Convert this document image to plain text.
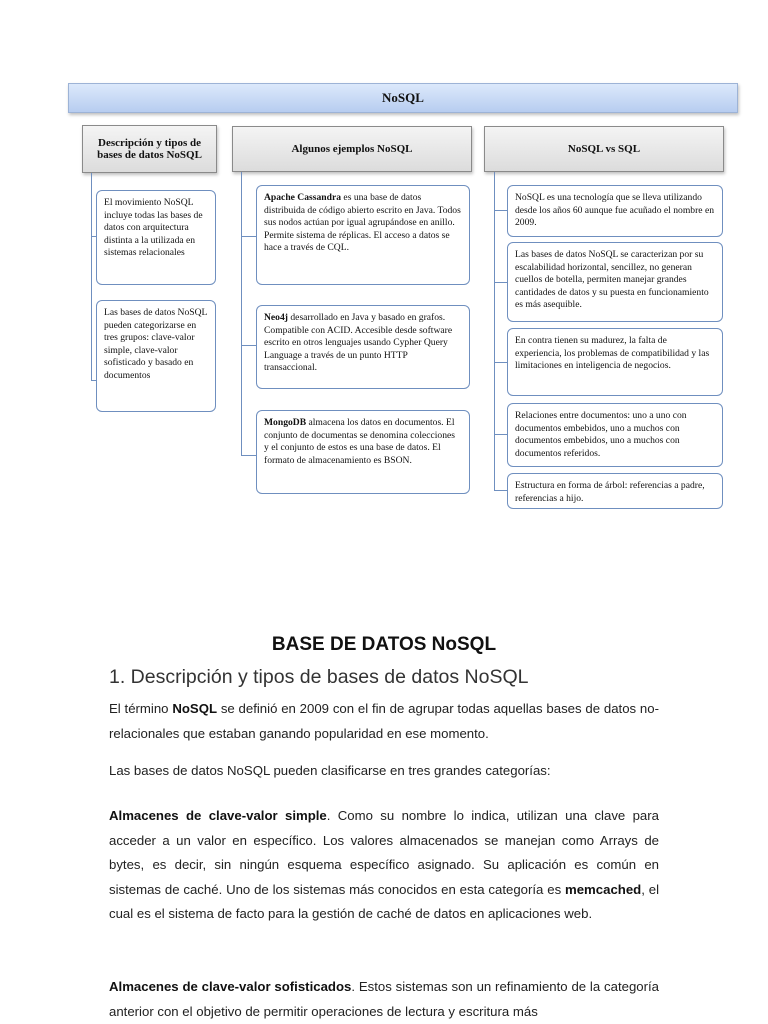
NoSQL
Descripción y tipos de bases de datos NoSQL
El movimiento NoSQL incluye todas las bases de datos con arquitectura distinta a la utilizada en sistemas relacionales
Las bases de datos NoSQL pueden categorizarse en tres grupos: clave-valor simple, clave-valor sofisticado y basado en documentos
Algunos ejemplos NoSQL
Apache Cassandra es una base de datos distribuida de código abierto escrito en Java. Todos sus nodos actúan por igual agrupándose en anillo. Permite sistema de réplicas. El acceso a datos se hace a través de CQL.
Neo4j desarrollado en Java y basado en grafos. Compatible con ACID. Accesible desde software escrito en otros lenguajes usando Cypher Query Language a través de un punto HTTP transaccional.
MongoDB almacena los datos en documentos. El conjunto de documentas se denomina colecciones y el conjunto de estos es una base de datos. El formato de almacenamiento es BSON.
NoSQL vs SQL
NoSQL es una tecnología que se lleva utilizando desde los años 60 aunque fue acuñado el nombre en 2009.
Las bases de datos NoSQL se caracterizan por su escalabilidad horizontal, sencillez, no generan cuellos de botella, permiten manejar grandes cantidades de datos y su puesta en funcionamiento es más asequible.
En contra tienen su madurez, la falta de experiencia, los problemas de compatibilidad y las limitaciones en inteligencia de negocios.
Relaciones entre documentos: uno a uno con documentos embebidos, uno a muchos con documentos embebidos, uno a muchos con documentos referidos.
Estructura en forma de árbol: referencias a padre, referencias a hijo.
BASE DE DATOS NoSQL
1. Descripción y tipos de bases de datos NoSQL
El término NoSQL se definió en 2009 con el fin de agrupar todas aquellas bases de datos no-relacionales que estaban ganando popularidad en ese momento.
Las bases de datos NoSQL pueden clasificarse en tres grandes categorías:
Almacenes de clave-valor simple. Como su nombre lo indica, utilizan una clave para acceder a un valor en específico. Los valores almacenados se manejan como Arrays de bytes, es decir, sin ningún esquema específico asignado. Su aplicación es común en sistemas de caché. Uno de los sistemas más conocidos en esta categoría es memcached, el cual es el sistema de facto para la gestión de caché de datos en aplicaciones web.
Almacenes de clave-valor sofisticados. Estos sistemas son un refinamiento de la categoría anterior con el objetivo de permitir operaciones de lectura y escritura más
